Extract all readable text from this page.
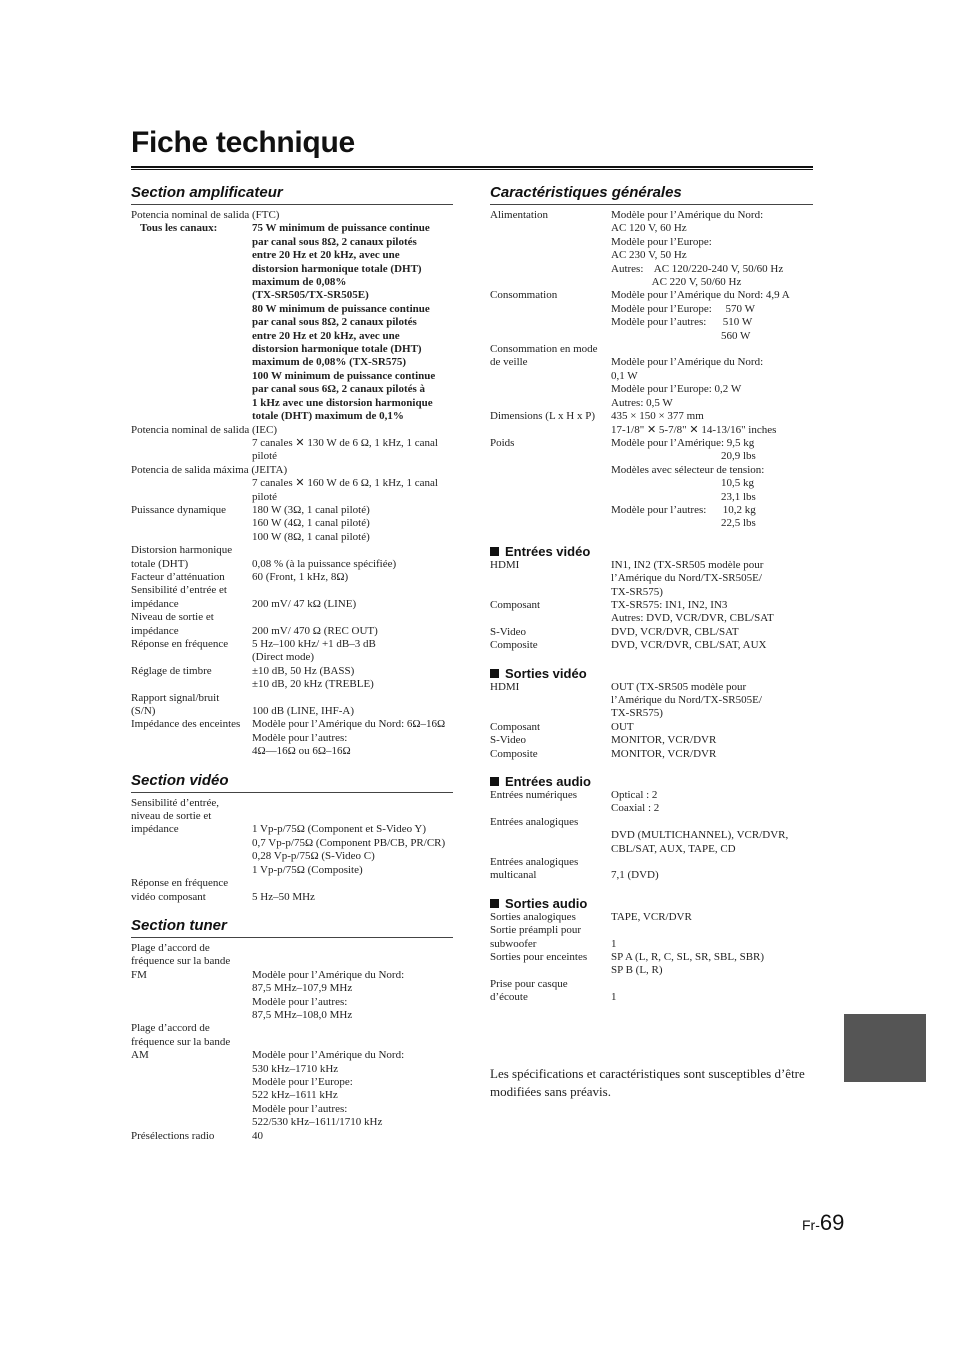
Fiche technique
Section amplificateur
Potencia nominal de salida (FTC)
Tous les canaux:	75 W minimum de puissance continue
par canal sous 8Ω, 2 canaux pilotés
entre 20 Hz et 20 kHz, avec une
distorsion harmonique totale (DHT)
maximum de 0,08%
(TX-SR505/TX-SR505E)
80 W minimum de puissance continue
par canal sous 8Ω, 2 canaux pilotés
entre 20 Hz et 20 kHz, avec une
distorsion harmonique totale (DHT)
maximum de 0,08% (TX-SR575)
100 W minimum de puissance continue
par canal sous 6Ω, 2 canaux pilotés à
1 kHz avec une distorsion harmonique
totale (DHT) maximum de 0,1%
Potencia nominal de salida (IEC)
7 canales ✕ 130 W de 6 Ω, 1 kHz, 1 canal
piloté
Potencia de salida máxima (JEITA)
7 canales ✕ 160 W de 6 Ω, 1 kHz, 1 canal
piloté
Puissance dynamique	180 W (3Ω, 1 canal piloté)
160 W (4Ω, 1 canal piloté)
100 W (8Ω, 1 canal piloté)
Distorsion harmonique
totale (DHT)	0,08 % (à la puissance spécifiée)
Facteur d’atténuation	60 (Front, 1 kHz, 8Ω)
Sensibilité d’entrée et
impédance	200 mV/ 47 kΩ (LINE)
Niveau de sortie et
impédance	200 mV/ 470 Ω (REC OUT)
Réponse en fréquence	5 Hz–100 kHz/ +1 dB–3 dB
(Direct mode)
Réglage de timbre	±10 dB, 50 Hz (BASS)
±10 dB, 20 kHz (TREBLE)
Rapport signal/bruit
(S/N)	100 dB (LINE, IHF-A)
Impédance des enceintes	Modèle pour l’Amérique du Nord: 6Ω–16Ω
Modèle pour l’autres:
4Ω—16Ω ou 6Ω–16Ω
Section vidéo
Sensibilité d’entrée,
niveau de sortie et
impédance	1 Vp-p/75Ω (Component et S-Video Y)
0,7 Vp-p/75Ω (Component PB/CB, PR/CR)
0,28 Vp-p/75Ω (S-Video C)
1 Vp-p/75Ω (Composite)
Réponse en fréquence
vidéo composant	5 Hz–50 MHz
Section tuner
Plage d’accord de
fréquence sur la bande
FM	Modèle pour l’Amérique du Nord:
87,5 MHz–107,9 MHz
Modèle pour l’autres:
87,5 MHz–108,0 MHz
Plage d’accord de
fréquence sur la bande
AM	Modèle pour l’Amérique du Nord:
530 kHz–1710 kHz
Modèle pour l’Europe:
522 kHz–1611 kHz
Modèle pour l’autres:
522/530 kHz–1611/1710 kHz
Présélections radio	40
Caractéristiques générales
Alimentation	Modèle pour l’Amérique du Nord:
AC 120 V, 60 Hz
Modèle pour l’Europe:
AC 230 V, 50 Hz
Autres:    AC 120/220-240 V, 50/60 Hz
AC 220 V, 50/60 Hz
Consommation	Modèle pour l’Amérique du Nord: 4,9 A
Modèle pour l’Europe:     570 W
Modèle pour l’autres:      510 W
560 W
Consommation en mode
de veille	Modèle pour l’Amérique du Nord:
0,1 W
Modèle pour l’Europe: 0,2 W
Autres: 0,5 W
Dimensions (L x H x P)	435 × 150 × 377 mm
17-1/8" ✕ 5-7/8" ✕ 14-13/16" inches
Poids	Modèle pour l’Amérique: 9,5 kg
20,9 lbs
Modèles avec sélecteur de tension:
10,5 kg
23,1 lbs
Modèle pour l’autres:      10,2 kg
22,5 lbs
Entrées vidéo
HDMI	IN1, IN2 (TX-SR505 modèle pour
l’Amérique du Nord/TX-SR505E/
TX-SR575)
Composant	TX-SR575: IN1, IN2, IN3
Autres: DVD, VCR/DVR, CBL/SAT
S-Video	DVD, VCR/DVR, CBL/SAT
Composite	DVD, VCR/DVR, CBL/SAT, AUX
Sorties vidéo
HDMI	OUT (TX-SR505 modèle pour
l’Amérique du Nord/TX-SR505E/
TX-SR575)
Composant	OUT
S-Video	MONITOR, VCR/DVR
Composite	MONITOR, VCR/DVR
Entrées audio
Entrées numériques	Optical : 2
Coaxial : 2
Entrées analogiques
DVD (MULTICHANNEL), VCR/DVR,
CBL/SAT, AUX, TAPE, CD
Entrées analogiques
multicanal	7,1 (DVD)
Sorties audio
Sorties analogiques	TAPE, VCR/DVR
Sortie préampli pour
subwoofer	1
Sorties pour enceintes	SP A (L, R, C, SL, SR, SBL, SBR)
SP B (L, R)
Prise pour casque
d’écoute	1
Les spécifications et caractéristiques sont susceptibles d’être modifiées sans préavis.
Fr-69
